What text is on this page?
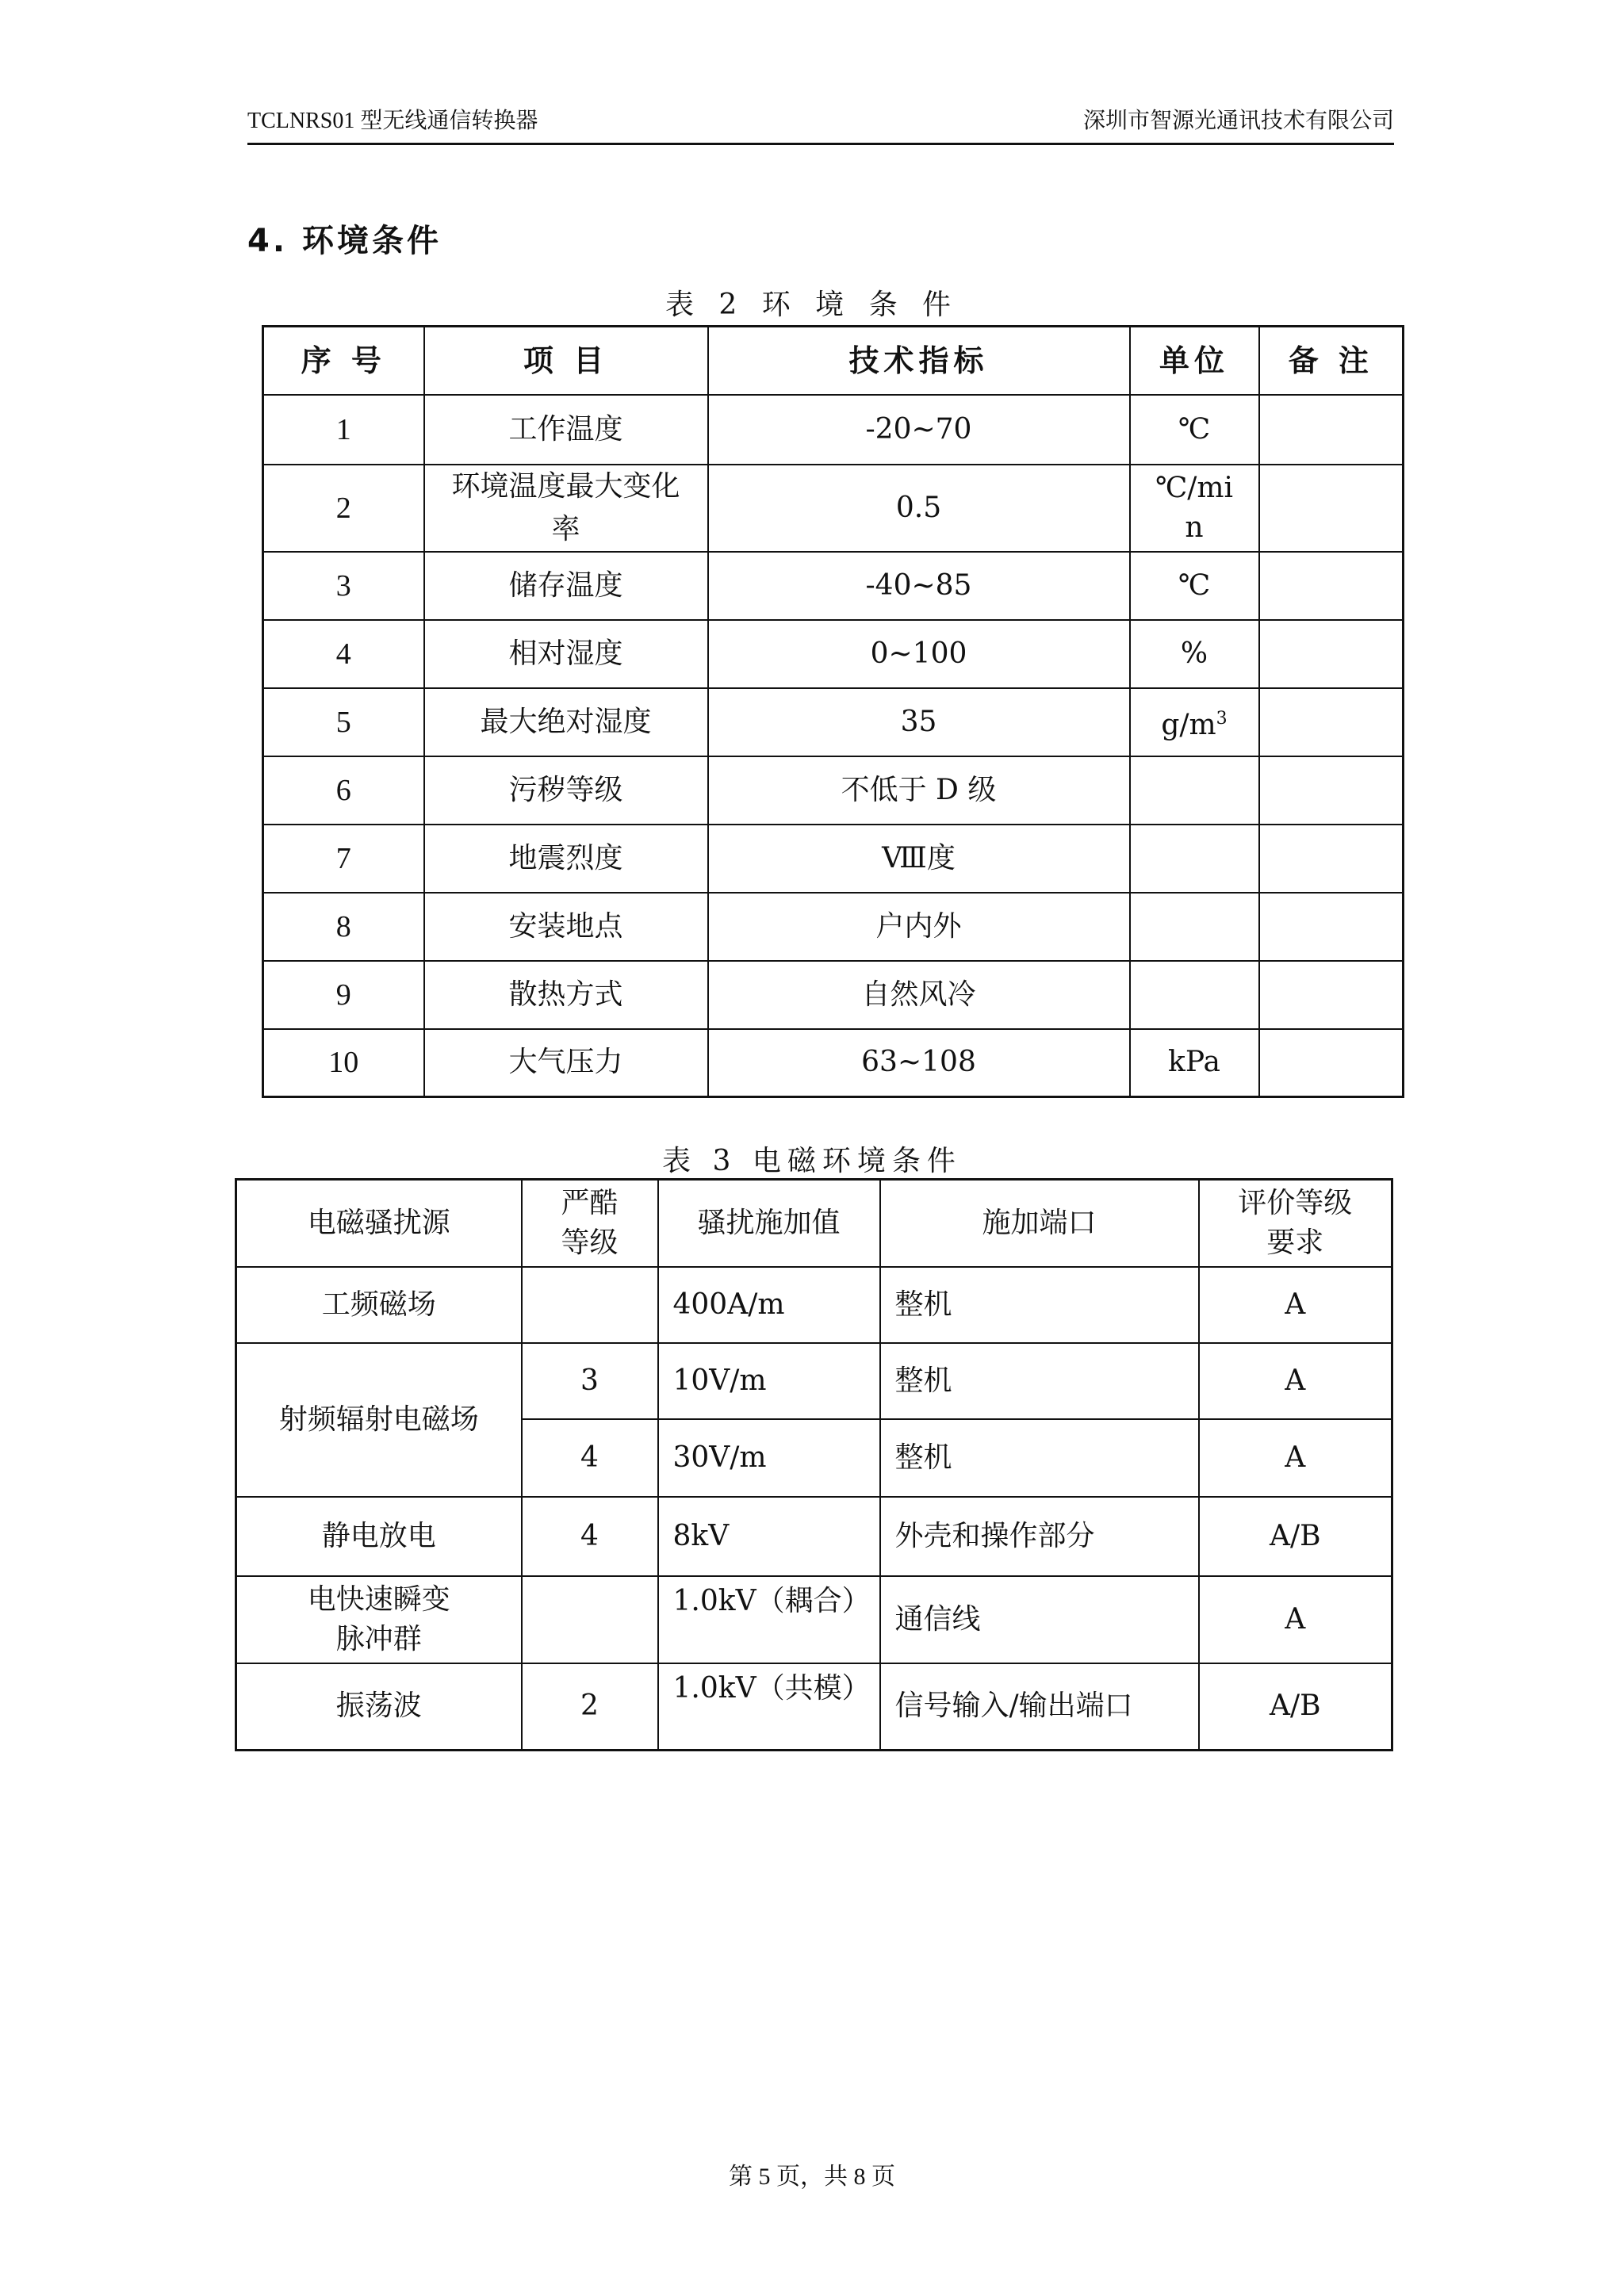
TCLNRS01 型无线通信转换器	深圳市智源光通讯技术有限公司
4. 环境条件
表 2 环 境 条 件
序 号	项 目	技术指标	单位	备 注
1	工作温度	-20~70	℃	
2	环境温度最大变化率	0.5	℃/min	
3	储存温度	-40~85	℃	
4	相对湿度	0~100	%	
5	最大绝对湿度	35	$g/m^3$	
6	污秽等级	不低于 D 级		
7	地震烈度	Ⅷ度		
8	安装地点	户内外		
9	散热方式	自然风冷		
10	大气压力	63~108	kPa	
表 3 电磁环境条件
电磁骚扰源	严酷等级	骚扰施加值	施加端口	评价等级要求
工频磁场		400A/m	整机	A
射频辐射电磁场	3	10V/m	整机	A
	4	30V/m	整机	A
静电放电	4	8kV	外壳和操作部分	A/B
电快速瞬变脉冲群		1.0kV（耦合）	通信线	A
振荡波	2	1.0kV（共模）	信号输入/输出端口	A/B
第 5 页，共 8 页
